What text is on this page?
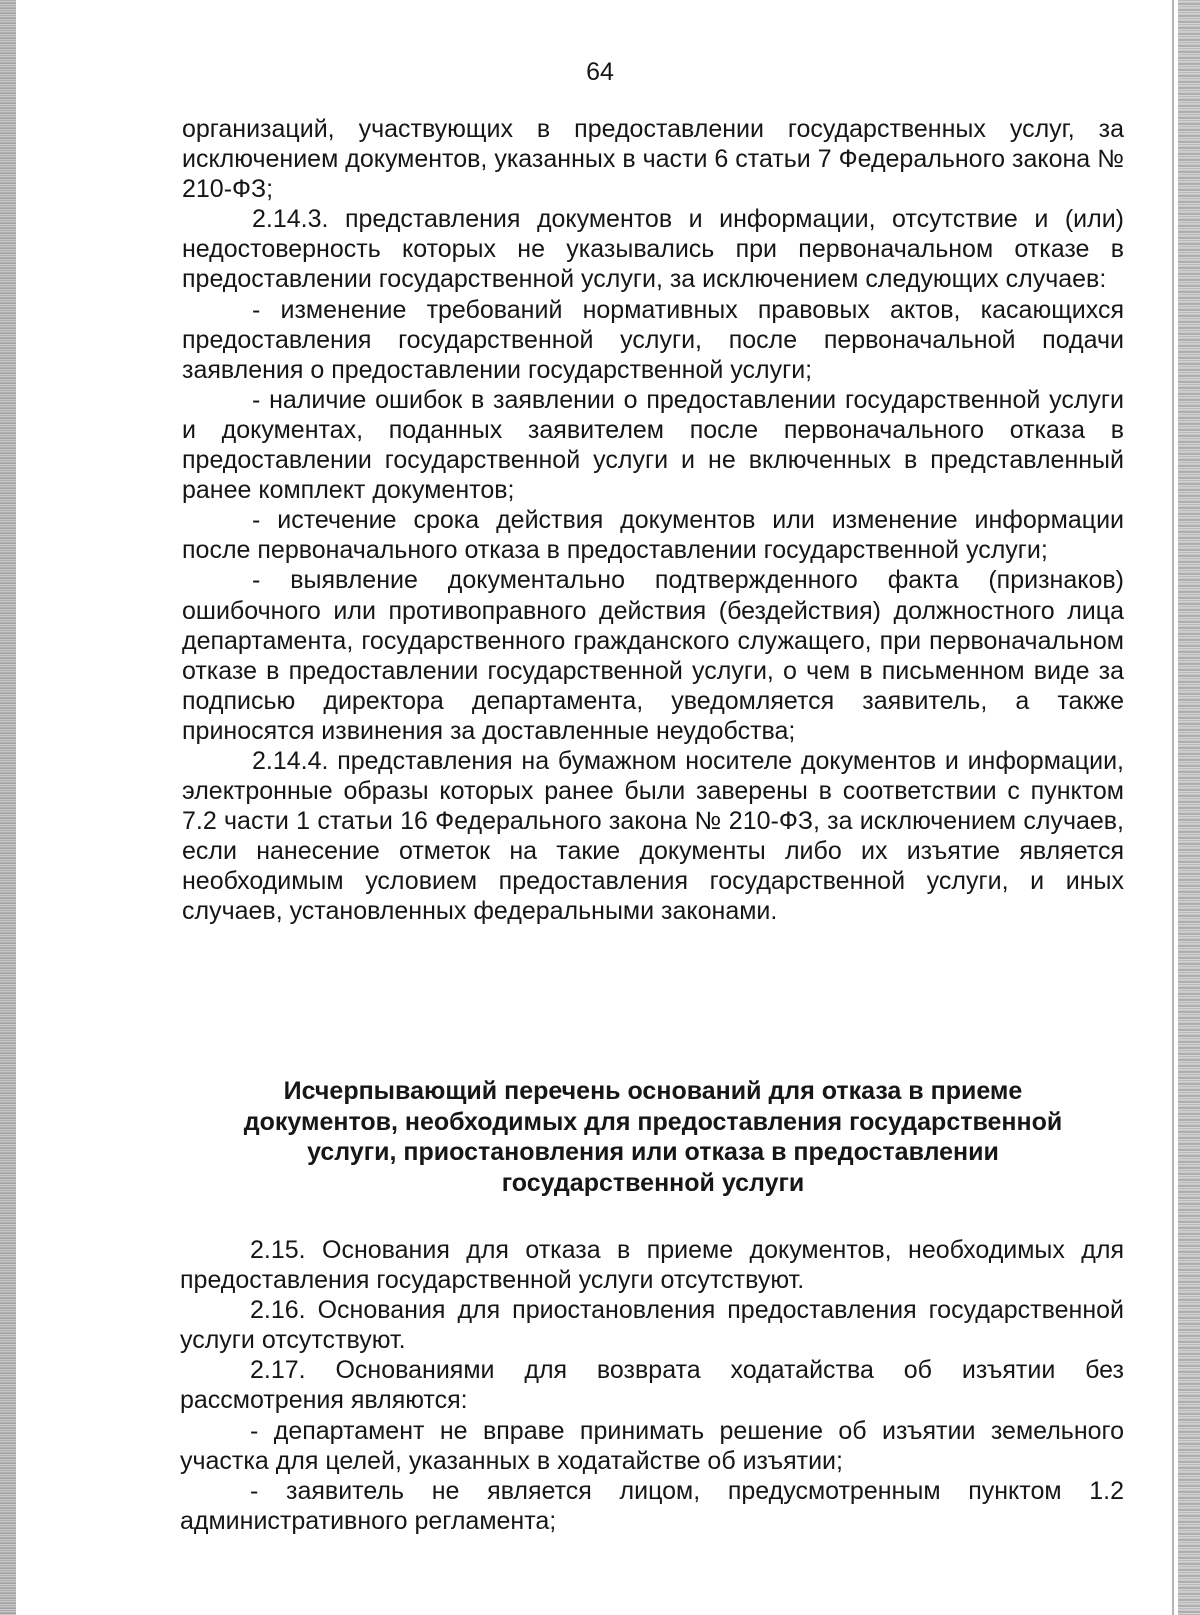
64

организаций, участвующих в предоставлении государственных услуг, за исключением документов, указанных в части 6 статьи 7 Федерального закона № 210-ФЗ;

2.14.3. представления документов и информации, отсутствие и (или) недостоверность которых не указывались при первоначальном отказе в предоставлении государственной услуги, за исключением следующих случаев:

- изменение требований нормативных правовых актов, касающихся предоставления государственной услуги, после первоначальной подачи заявления о предоставлении государственной услуги;

- наличие ошибок в заявлении о предоставлении государственной услуги и документах, поданных заявителем после первоначального отказа в предоставлении государственной услуги и не включенных в представленный ранее комплект документов;

- истечение срока действия документов или изменение информации после первоначального отказа в предоставлении государственной услуги;

- выявление документально подтвержденного факта (признаков) ошибочного или противоправного действия (бездействия) должностного лица департамента, государственного гражданского служащего, при первоначальном отказе в предоставлении государственной услуги, о чем в письменном виде за подписью директора департамента, уведомляется заявитель, а также приносятся извинения за доставленные неудобства;

2.14.4. представления на бумажном носителе документов и информации, электронные образы которых ранее были заверены в соответствии с пунктом 7.2 части 1 статьи 16 Федерального закона № 210-ФЗ, за исключением случаев, если нанесение отметок на такие документы либо их изъятие является необходимым условием предоставления государственной услуги, и иных случаев, установленных федеральными законами.

Исчерпывающий перечень оснований для отказа в приеме
документов, необходимых для предоставления государственной
услуги, приостановления или отказа в предоставлении
государственной услуги

2.15. Основания для отказа в приеме документов, необходимых для предоставления государственной услуги отсутствуют.

2.16. Основания для приостановления предоставления государственной услуги отсутствуют.

2.17. Основаниями для возврата ходатайства об изъятии без рассмотрения являются:

- департамент не вправе принимать решение об изъятии земельного участка для целей, указанных в ходатайстве об изъятии;

- заявитель не является лицом, предусмотренным пунктом 1.2 административного регламента;
